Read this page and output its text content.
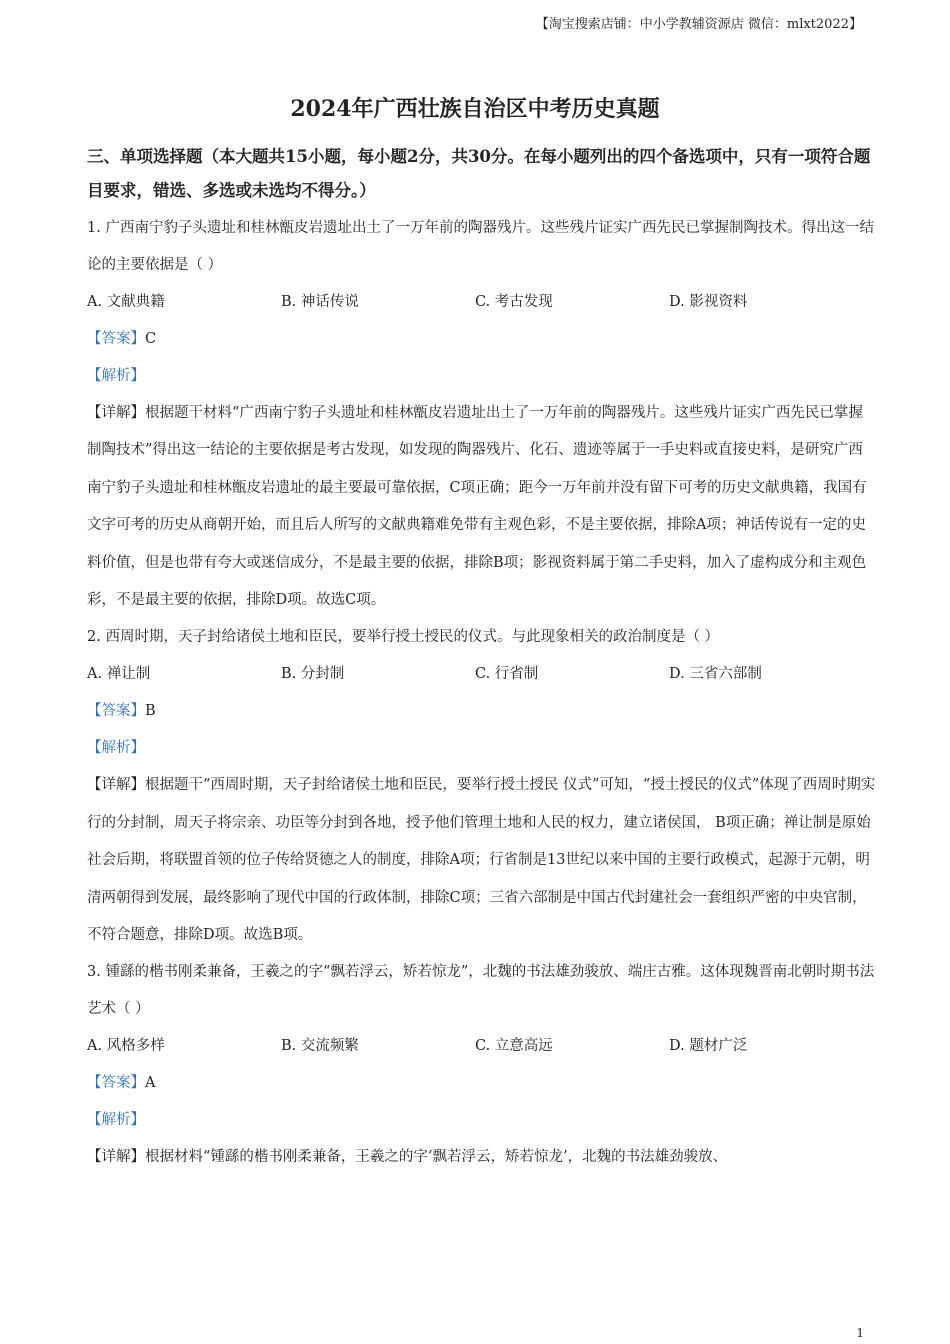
【淘宝搜索店铺：中小学教辅资源店 微信：mlxt2022】
2024年广西壮族自治区中考历史真题

三、单项选择题（本大题共15小题，每小题2分，共30分。在每小题列出的四个备选项中，只有一项符合题目要求，错选、多选或未选均不得分。）

1. 广西南宁豹子头遗址和桂林甑皮岩遗址出土了一万年前的陶器残片。这些残片证实广西先民已掌握制陶技术。得出这一结论的主要依据是（ ）

A. 文献典籍	B. 神话传说	C. 考古发现	D. 影视资料

【答案】C

【解析】

【详解】根据题干材料“广西南宁豹子头遗址和桂林甑皮岩遗址出土了一万年前的陶器残片。这些残片证实广西先民已掌握制陶技术”得出这一结论的主要依据是考古发现，如发现的陶器残片、化石、遗迹等属于一手史料或直接史料，是研究广西南宁豹子头遗址和桂林甑皮岩遗址的最主要最可靠依据，C项正确；距今一万年前并没有留下可考的历史文献典籍，我国有文字可考的历史从商朝开始，而且后人所写的文献典籍难免带有主观色彩，不是主要依据，排除A项；神话传说有一定的史料价值，但是也带有夸大或迷信成分，不是最主要的依据，排除B项；影视资料属于第二手史料，加入了虚构成分和主观色彩，不是最主要的依据，排除D项。故选C项。

2. 西周时期，天子封给诸侯土地和臣民，要举行授土授民的仪式。与此现象相关的政治制度是（ ）

A. 禅让制	B. 分封制	C. 行省制	D. 三省六部制

【答案】B

【解析】

【详解】根据题干“西周时期，天子封给诸侯土地和臣民，要举行授土授民 仪式”可知，“授土授民的仪式”体现了西周时期实行的分封制，周天子将宗亲、功臣等分封到各地，授予他们管理土地和人民的权力，建立诸侯国， B项正确；禅让制是原始社会后期，将联盟首领的位子传给贤德之人的制度，排除A项；行省制是13世纪以来中国的主要行政模式，起源于元朝，明清两朝得到发展，最终影响了现代中国的行政体制，排除C项；三省六部制是中国古代封建社会一套组织严密的中央官制，不符合题意，排除D项。故选B项。

3. 锺繇的楷书刚柔兼备，王羲之的字“飘若浮云，矫若惊龙”，北魏的书法雄劲骏放、端庄古雅。这体现魏晋南北朝时期书法艺术（ ）

A. 风格多样	B. 交流频繁	C. 立意高远	D. 题材广泛

【答案】A

【解析】

【详解】根据材料“锺繇的楷书刚柔兼备，王羲之的字‘飘若浮云，矫若惊龙’，北魏的书法雄劲骏放、

1
